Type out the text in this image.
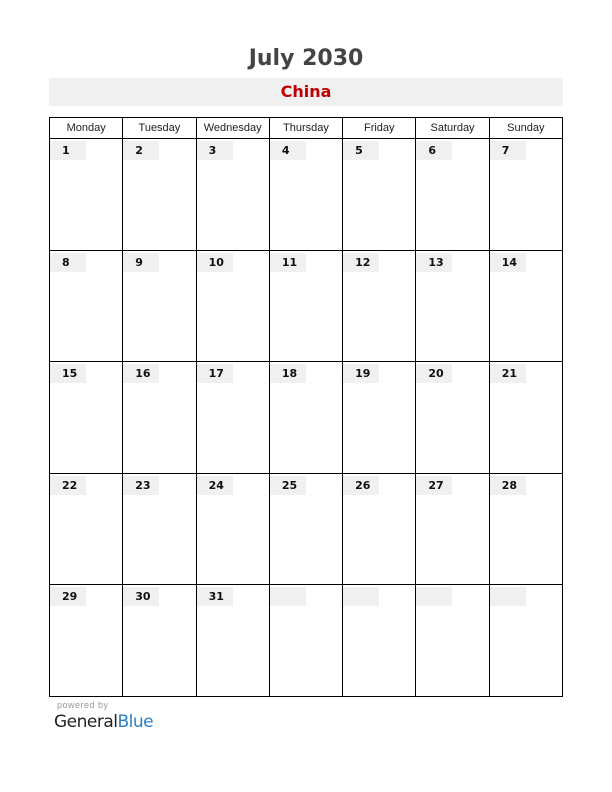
July 2030
China
Monday	Tuesday	Wednesday	Thursday	Friday	Saturday	Sunday
1	2	3	4	5	6	7
8	9	10	11	12	13	14
15	16	17	18	19	20	21
22	23	24	25	26	27	28
29	30	31
powered by
GeneralBlue
